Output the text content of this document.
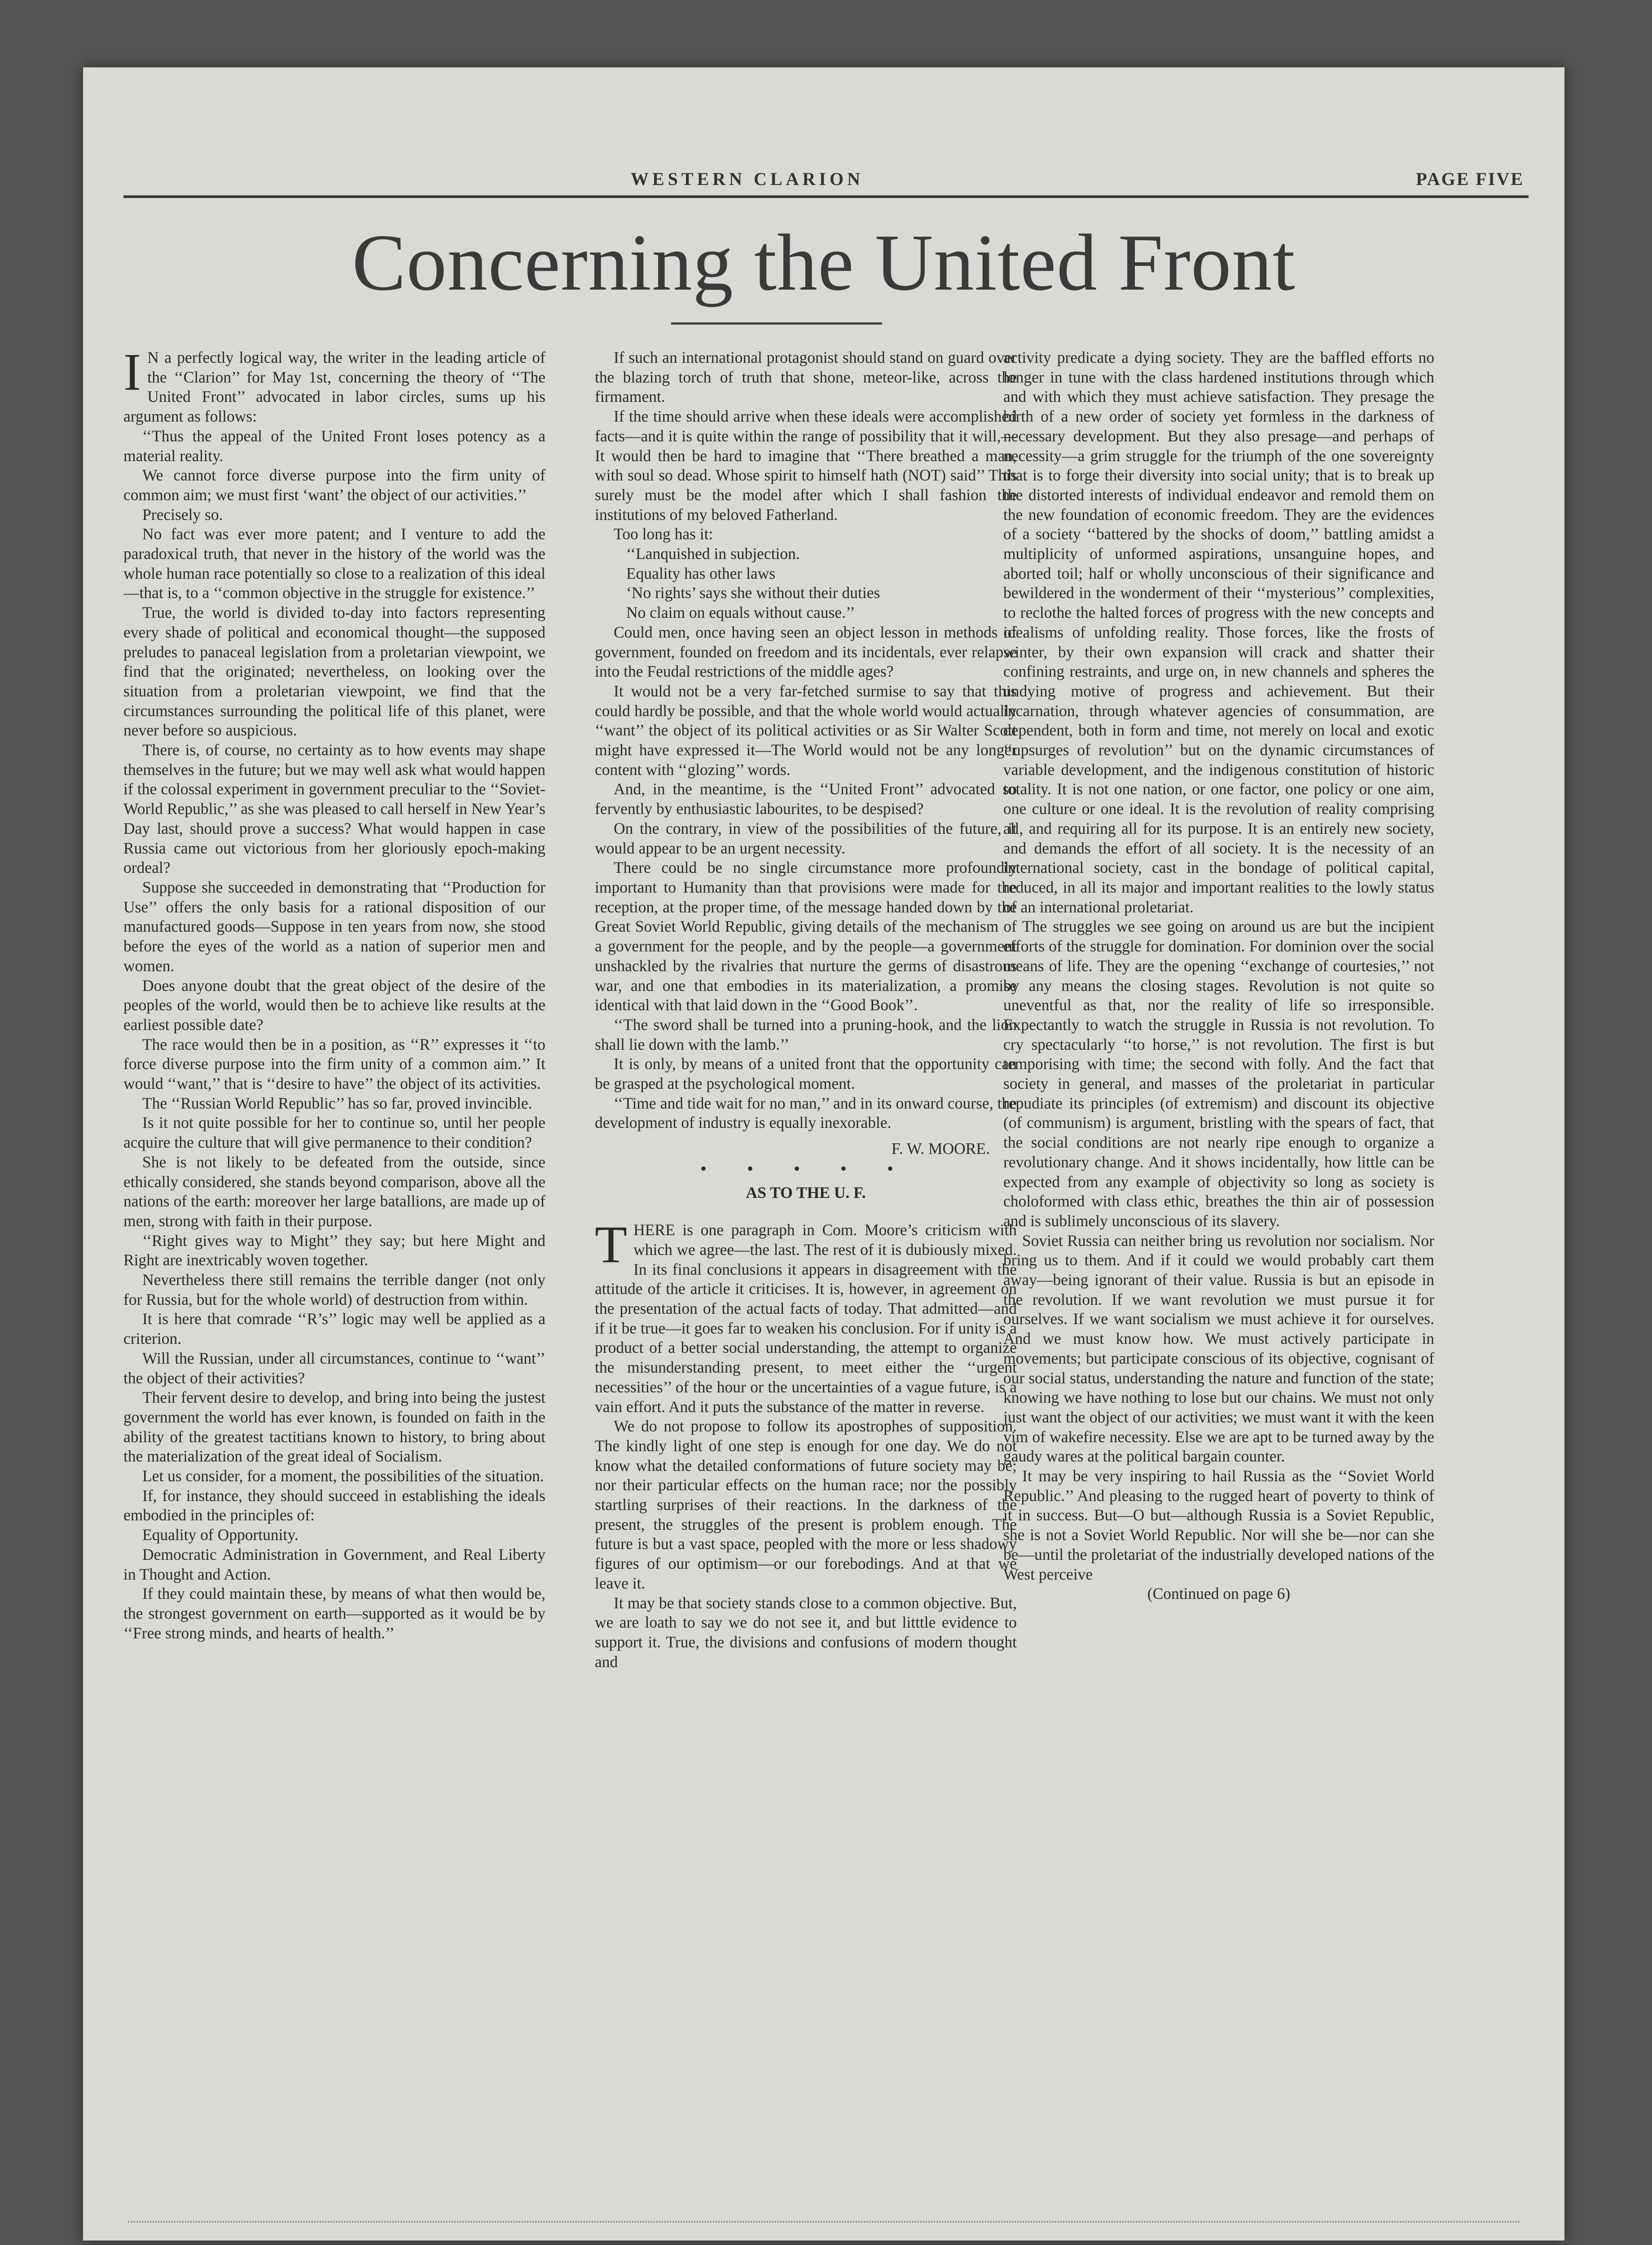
WESTERN CLARION	PAGE FIVE
Concerning the United Front

I N a perfectly logical way, the writer in the leading article of the ‘‘Clarion’’ for May 1st, concerning the theory of ‘‘The United Front’’ advocated in labor circles, sums up his argument as follows:

‘‘Thus the appeal of the United Front loses potency as a material reality.

We cannot force diverse purpose into the firm unity of common aim; we must first ‘want’ the object of our activities.’’

Precisely so.

No fact was ever more patent; and I venture to add the paradoxical truth, that never in the history of the world was the whole human race potentially so close to a realization of this ideal—that is, to a ‘‘common objective in the struggle for existence.’’

True, the world is divided to-day into factors representing every shade of political and economical thought—the supposed preludes to panaceal legislation from a proletarian viewpoint, we find that the originated; nevertheless, on looking over the situation from a proletarian viewpoint, we find that the circumstances surrounding the political life of this planet, were never before so auspicious.

There is, of course, no certainty as to how events may shape themselves in the future; but we may well ask what would happen if the colossal experiment in government preculiar to the ‘‘Soviet-World Republic,’’ as she was pleased to call herself in New Year’s Day last, should prove a success? What would happen in case Russia came out victorious from her gloriously epoch-making ordeal?

Suppose she succeeded in demonstrating that ‘‘Production for Use’’ offers the only basis for a rational disposition of our manufactured goods—Suppose in ten years from now, she stood before the eyes of the world as a nation of superior men and women.

Does anyone doubt that the great object of the desire of the peoples of the world, would then be to achieve like results at the earliest possible date?

The race would then be in a position, as ‘‘R’’ expresses it ‘‘to force diverse purpose into the firm unity of a common aim.’’ It would ‘‘want,’’ that is ‘‘desire to have’’ the object of its activities.

The ‘‘Russian World Republic’’ has so far, proved invincible.

Is it not quite possible for her to continue so, until her people acquire the culture that will give permanence to their condition?

She is not likely to be defeated from the outside, since ethically considered, she stands beyond comparison, above all the nations of the earth: moreover her large batallions, are made up of men, strong with faith in their purpose.

‘‘Right gives way to Might’’ they say; but here Might and Right are inextricably woven together.

Nevertheless there still remains the terrible danger (not only for Russia, but for the whole world) of destruction from within.

It is here that comrade ‘‘R’s’’ logic may well be applied as a criterion.

Will the Russian, under all circumstances, continue to ‘‘want’’ the object of their activities?

Their fervent desire to develop, and bring into being the justest government the world has ever known, is founded on faith in the ability of the greatest tactitians known to history, to bring about the materialization of the great ideal of Socialism.

Let us consider, for a moment, the possibilities of the situation.

If, for instance, they should succeed in establishing the ideals embodied in the principles of:

Equality of Opportunity.

Democratic Administration in Government, and Real Liberty in Thought and Action.

If they could maintain these, by means of what then would be, the strongest government on earth—supported as it would be by ‘‘Free strong minds, and hearts of health.’’

If such an international protagonist should stand on guard over the blazing torch of truth that shone, meteor-like, across the firmament.

If the time should arrive when these ideals were accomplished facts—and it is quite within the range of possibility that it will,—It would then be hard to imagine that ‘‘There breathed a man, with soul so dead. Whose spirit to himself hath (NOT) said’’ This surely must be the model after which I shall fashion the institutions of my beloved Fatherland.

Too long has it:

‘‘Lanquished in subjection.

Equality has other laws

‘No rights’ says she without their duties

No claim on equals without cause.’’

Could men, once having seen an object lesson in methods of government, founded on freedom and its incidentals, ever relapse into the Feudal restrictions of the middle ages?

It would not be a very far-fetched surmise to say that this could hardly be possible, and that the whole world would actually ‘‘want’’ the object of its political activities or as Sir Walter Scott might have expressed it—The World would not be any longer content with ‘‘glozing’’ words.

And, in the meantime, is the ‘‘United Front’’ advocated so fervently by enthusiastic labourites, to be despised?

On the contrary, in view of the possibilities of the future, it would appear to be an urgent necessity.

There could be no single circumstance more profoundly important to Humanity than that provisions were made for the reception, at the proper time, of the message handed down by the Great Soviet World Republic, giving details of the mechanism of a government for the people, and by the people—a government unshackled by the rivalries that nurture the germs of disastrous war, and one that embodies in its materialization, a promise identical with that laid down in the ‘‘Good Book’’.

‘‘The sword shall be turned into a pruning-hook, and the lion shall lie down with the lamb.’’

It is only, by means of a united front that the opportunity can be grasped at the psychological moment.

‘‘Time and tide wait for no man,’’ and in its onward course, the development of industry is equally inexorable.

F. W. MOORE.

• • • • •

AS TO THE U. F.

THERE is one paragraph in Com. Moore’s criticism with which we agree—the last. The rest of it is dubiously mixed. In its final conclusions it appears in disagreement with the attitude of the article it criticises. It is, however, in agreement on the presentation of the actual facts of today. That admitted—and if it be true—it goes far to weaken his conclusion. For if unity is a product of a better social understanding, the attempt to organize the misunderstanding present, to meet either the ‘‘urgent necessities’’ of the hour or the uncertainties of a vague future, is a vain effort. And it puts the substance of the matter in reverse.

We do not propose to follow its apostrophes of supposition. The kindly light of one step is enough for one day. We do not know what the detailed conformations of future society may be; nor their particular effects on the human race; nor the possibly startling surprises of their reactions. In the darkness of the present, the struggles of the present is problem enough. The future is but a vast space, peopled with the more or less shadowy figures of our optimism—or our forebodings. And at that we leave it.

It may be that society stands close to a common objective. But, we are loath to say we do not see it, and but litttle evidence to support it. True, the divisions and confusions of modern thought and

activity predicate a dying society. They are the baffled efforts no longer in tune with the class hardened institutions through which and with which they must achieve satisfaction. They presage the birth of a new order of society yet formless in the darkness of necessary development. But they also presage—and perhaps of necessity—a grim struggle for the triumph of the one sovereignty that is to forge their diversity into social unity; that is to break up the distorted interests of individual endeavor and remold them on the new foundation of economic freedom. They are the evidences of a society ‘‘battered by the shocks of doom,’’ battling amidst a multiplicity of unformed aspirations, unsanguine hopes, and aborted toil; half or wholly unconscious of their significance and bewildered in the wonderment of their ‘‘mysterious’’ complexities, to reclothe the halted forces of progress with the new concepts and idealisms of unfolding reality. Those forces, like the frosts of winter, by their own expansion will crack and shatter their confining restraints, and urge on, in new channels and spheres the undying motive of progress and achievement. But their incarnation, through whatever agencies of consummation, are dependent, both in form and time, not merely on local and exotic ‘‘upsurges of revolution’’ but on the dynamic circumstances of variable development, and the indigenous constitution of historic totality. It is not one nation, or one factor, one policy or one aim, one culture or one ideal. It is the revolution of reality comprising all, and requiring all for its purpose. It is an entirely new society, and demands the effort of all society. It is the necessity of an international society, cast in the bondage of political capital, reduced, in all its major and important realities to the lowly status of an international proletariat.

The struggles we see going on around us are but the incipient efforts of the struggle for domination. For dominion over the social means of life. They are the opening ‘‘exchange of courtesies,’’ not by any means the closing stages. Revolution is not quite so uneventful as that, nor the reality of life so irresponsible. Expectantly to watch the struggle in Russia is not revolution. To cry spectacularly ‘‘to horse,’’ is not revolution. The first is but temporising with time; the second with folly. And the fact that society in general, and masses of the proletariat in particular repudiate its principles (of extremism) and discount its objective (of communism) is argument, bristling with the spears of fact, that the social conditions are not nearly ripe enough to organize a revolutionary change. And it shows incidentally, how little can be expected from any example of objectivity so long as society is choloformed with class ethic, breathes the thin air of possession and is sublimely unconscious of its slavery.

Soviet Russia can neither bring us revolution nor socialism. Nor bring us to them. And if it could we would probably cart them away—being ignorant of their value. Russia is but an episode in the revolution. If we want revolution we must pursue it for ourselves. If we want socialism we must achieve it for ourselves. And we must know how. We must actively participate in movements; but participate conscious of its objective, cognisant of our social status, understanding the nature and function of the state; knowing we have nothing to lose but our chains. We must not only just want the object of our activities; we must want it with the keen vim of wakefire necessity. Else we are apt to be turned away by the gaudy wares at the political bargain counter.

It may be very inspiring to hail Russia as the ‘‘Soviet World Republic.’’ And pleasing to the rugged heart of poverty to think of it in success. But—O but—although Russia is a Soviet Republic, she is not a Soviet World Republic. Nor will she be—nor can she be—until the proletariat of the industrially developed nations of the West perceive

(Continued on page 6)
